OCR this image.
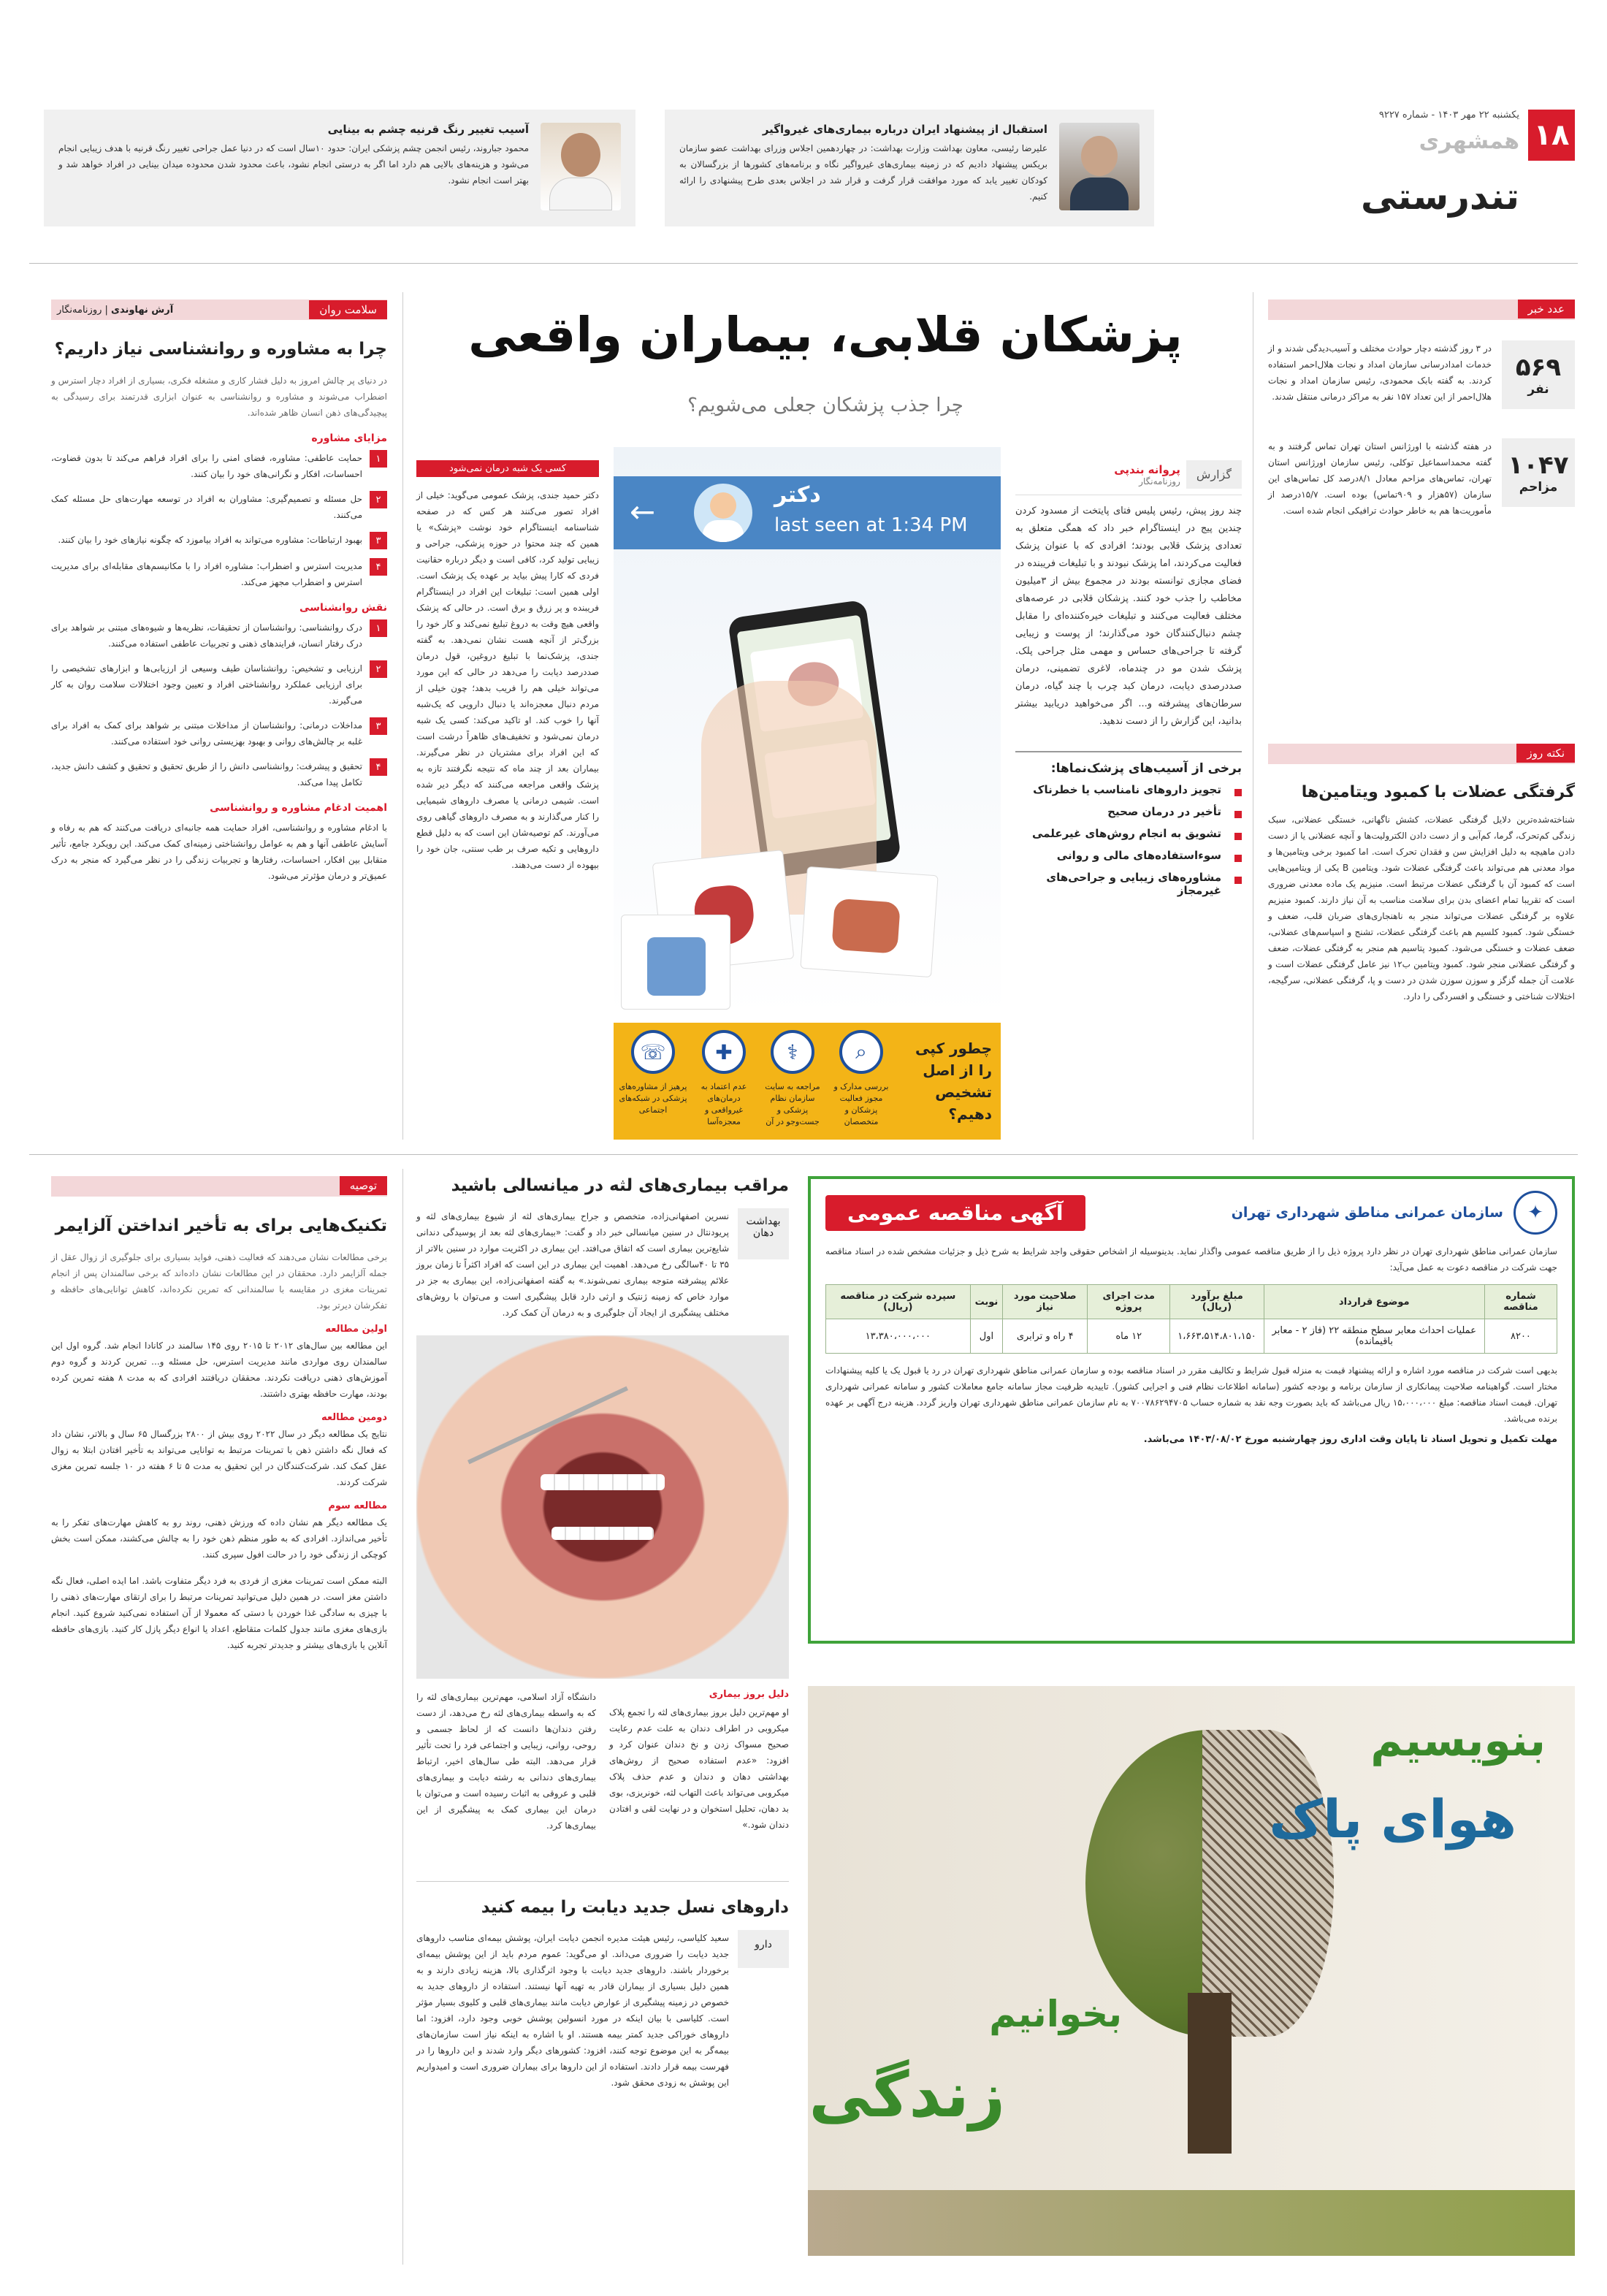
۱۸
یکشنبه ۲۲ مهر ۱۴۰۳ - شماره ۹۲۲۷
همشهری
تندرستی
استقبال از پیشنهاد ایران درباره بیماری‌های غیرواگیر
علیرضا رئیسی، معاون بهداشت وزارت بهداشت: در چهاردهمین اجلاس وزرای بهداشت عضو سازمان بریکس پیشنهاد دادیم که در زمینه بیماری‌های غیرواگیر نگاه و برنامه‌های کشورها از بزرگسالان به کودکان تغییر یابد که مورد موافقت قرار گرفت و قرار شد در اجلاس بعدی طرح پیشنهادی را ارائه کنیم.
آسیب تغییر رنگ قرنیه چشم به بینایی
محمود جباروند، رئیس انجمن چشم پزشکی ایران: حدود ۱۰سال است که در دنیا عمل جراحی تغییر رنگ قرنیه با هدف زیبایی انجام می‌شود و هزینه‌های بالایی هم دارد اما اگر به درستی انجام نشود، باعث محدود شدن محدوده میدان بینایی در افراد خواهد شد و بهتر است انجام نشود.
عدد خبر
۵۶۹
نفر
در ۳ روز گذشته دچار حوادث مختلف و آسیب‌دیدگی شدند و از خدمات امدادرسانی سازمان امداد و نجات هلال‌احمر استفاده کردند. به گفته بابک محمودی، رئیس سازمان امداد و نجات هلال‌احمر از این تعداد ۱۵۷ نفر به مراکز درمانی منتقل شدند.
۱۰۴۷
مزاحم
در هفته گذشته با اورژانس استان تهران تماس گرفتند و به گفته محمداسماعیل توکلی، رئیس سازمان اورژانس استان تهران، تماس‌های مزاحم معادل ۸/۱درصد کل تماس‌های این سازمان (۵۷هزار و ۹۰۹تماس) بوده است. ۱۵/۷درصد از مأموریت‌ها هم به خاطر حوادث ترافیکی انجام شده است.
نکته روز
گرفتگی عضلات با کمبود ویتامین‌ها
شناخته‌شده‌ترین دلایل گرفتگی عضلات، کشش ناگهانی، خستگی عضلانی، سبک زندگی کم‌تحرک، گرما، کم‌آبی و از دست دادن الکترولیت‌ها و آنچه عضلانی یا از دست دادن ماهیچه به دلیل افزایش سن و فقدان تحرک است. اما کمبود برخی ویتامین‌ها و مواد معدنی هم می‌تواند باعث گرفتگی عضلات شود. ویتامین B یکی از ویتامین‌هایی است که کمبود آن با گرفتگی عضلات مرتبط است. منیزیم یک ماده معدنی ضروری است که تقریبا تمام اعضای بدن برای سلامت مناسب به آن نیاز دارند. کمبود منیزیم علاوه بر گرفتگی عضلات می‌تواند منجر به ناهنجاری‌های ضربان قلب، ضعف و خستگی شود. کمبود کلسیم هم باعث گرفتگی عضلات، تشنج و اسپاسم‌های عضلانی، ضعف عضلات و خستگی می‌شود. کمبود پتاسیم هم منجر به گرفتگی عضلات، ضعف و گرفتگی عضلانی منجر شود. کمبود ویتامین ب۱۲ نیز عامل گرفتگی عضلات است و علامت آن جمله گزگز و سوزن سوزن شدن در دست و پا، گرفتگی عضلانی، سرگیجه، اختلالات شناختی و خستگی و افسردگی را دارد.
پزشکان قلابی، بیماران واقعی
چرا جذب پزشکان جعلی می‌شویم؟
گزارش
پروانه بندپی
روزنامه‌نگار
چند روز پیش، رئیس پلیس فتای پایتخت از مسدود کردن چندین پیج در اینستاگرام خبر داد که همگی متعلق به تعدادی پزشک قلابی بودند؛ افرادی که با عنوان پزشک فعالیت می‌کردند، اما پزشک نبودند و با تبلیغات فریبنده در فضای مجازی توانسته بودند در مجموع بیش از ۳میلیون مخاطب را جذب خود کنند. پزشکان قلابی در عرصه‌های مختلف فعالیت می‌کنند و تبلیغات خیره‌کننده‌ای را مقابل چشم دنبال‌کنندگان خود می‌گذارند؛ از پوست و زیبایی گرفته تا جراحی‌های حساس و مهمی مثل جراحی پلک. پزشک شدن مو در چندماه، لاغری تضمینی، درمان صددرصدی دیابت، درمان کبد چرب با چند گیاه، درمان سرطان‌های پیشرفته و... اگر می‌خواهید دریابید بیشتر بدانید، این گزارش را از دست ندهید.
برخی از آسیب‌های پزشک‌نماها:
تجویز داروهای نامناسب یا خطرناک
تأخیر در درمان صحیح
تشویق به انجام روش‌های غیرعلمی
سوءاستفاده‌های مالی و روانی
مشاوره‌های زیبایی و جراحی‌های غیرمجاز
←	دکتر
last seen at 1:34 PM
چطور کپی را از اصل تشخیص دهیم؟
⌕
بررسی مدارک و مجوز فعالیت پزشکان و متخصصان
⚕
مراجعه به سایت سازمان نظام پزشکی و جست‌وجو در آن
✚
عدم اعتماد به درمان‌های غیرواقعی و معجزه‌آسا
☏
پرهیز از مشاوره‌های پزشکی در شبکه‌های اجتماعی
کسی یک شبه درمان نمی‌شود
دکتر حمید جندی، پزشک عمومی می‌گوید: خیلی از افراد تصور می‌کنند هر کس که در صفحه شناسنامه اینستاگرام خود نوشت «پزشک» یا همین که چند محتوا در حوزه پزشکی، جراحی و زیبایی تولید کرد، کافی است و دیگر درباره حقانیت فردی که کارا پیش بیاید بر عهده یک پزشک است. اولی همین است: تبلیغات این افراد در اینستاگرام فریبنده و پر زرق و برق است. در حالی که پزشک واقعی هیچ وقت به دروغ تبلیغ نمی‌کند و کار خود را بزرگ‌تر از آنچه هست نشان نمی‌دهد. به گفته جندی، پزشک‌نما با تبلیغ دروغین، قول درمان صددرصد دیابت را می‌دهد در حالی که این مورد می‌تواند خیلی هم را فریب بدهد؛ چون خیلی از مردم دنبال معجزه‌اند یا دنبال دارویی که یک‌شبه آنها را خوب کند. او تاکید می‌کند: کسی یک شبه درمان نمی‌شود و تخفیف‌های ظاهراً درشت است که این افراد برای مشتریان در نظر می‌گیرند. بیماران بعد از چند ماه که نتیجه نگرفتند تازه به پزشک واقعی مراجعه می‌کنند که دیگر دیر شده است. شیمی درمانی یا مصرف داروهای شیمیایی را کنار می‌گذارند و به مصرف داروهای گیاهی روی می‌آورند. کم توصیه‌شان این است که به دلیل قطع داروهایی و تکیه صرف بر طب سنتی، جان خود را بیهوده از دست می‌دهند.
سلامت روان
آرش نهاوندی | روزنامه‌نگار
چرا به مشاوره و روانشناسی نیاز داریم؟
در دنیای پر چالش امروز به دلیل فشار کاری و مشغله فکری، بسیاری از افراد دچار استرس و اضطراب می‌شوند و مشاوره و روانشناسی به عنوان ابزاری قدرتمند برای رسیدگی به پیچیدگی‌های ذهن انسان ظاهر شده‌اند.
مزایای مشاوره
۱
حمایت عاطفی: مشاوره، فضای امنی را برای افراد فراهم می‌کند تا بدون قضاوت، احساسات، افکار و نگرانی‌های خود را بیان کنند.
۲
حل مسئله و تصمیم‌گیری: مشاوران به افراد در توسعه مهارت‌های حل مسئله کمک می‌کنند.
۳
بهبود ارتباطات: مشاوره می‌تواند به افراد بیاموزد که چگونه نیازهای خود را بیان کنند.
۴
مدیریت استرس و اضطراب: مشاوره افراد را با مکانیسم‌های مقابله‌ای برای مدیریت استرس و اضطراب مجهز می‌کند.
نقش روانشناسی
۱
درک روانشناسی: روانشناسان از تحقیقات، نظریه‌ها و شیوه‌های مبتنی بر شواهد برای درک رفتار انسان، فرایندهای ذهنی و تجربیات عاطفی استفاده می‌کنند.
۲
ارزیابی و تشخیص: روانشناسان طیف وسیعی از ارزیابی‌ها و ابزارهای تشخیصی را برای ارزیابی عملکرد روانشناختی افراد و تعیین وجود اختلالات سلامت روان به کار می‌گیرند.
۳
مداخلات درمانی: روانشناسان از مداخلات مبتنی بر شواهد برای کمک به افراد برای غلبه بر چالش‌های روانی و بهبود بهزیستی روانی خود استفاده می‌کنند.
۴
تحقیق و پیشرفت: روانشناسی دانش را از طریق تحقیق و تحقیق و کشف دانش جدید، تکامل پیدا می‌کند.
اهمیت ادغام مشاوره و روانشناسی
با ادغام مشاوره و روانشناسی، افراد حمایت همه جانبه‌ای دریافت می‌کنند که هم به رفاه و آسایش عاطفی آنها و هم به عوامل روانشناختی زمینه‌ای کمک می‌کند. این رویکرد جامع، تأثیر متقابل بین افکار، احساسات، رفتارها و تجربیات زندگی را در نظر می‌گیرد که منجر به درک عمیق‌تر و درمان مؤثرتر می‌شود.
✦
سازمان عمرانی مناطق شهرداری تهران
آگهی مناقصه عمومی
سازمان عمرانی مناطق شهرداری تهران در نظر دارد پروژه ذیل را از طریق مناقصه عمومی واگذار نماید. بدینوسیله از اشخاص حقوقی واجد شرایط به شرح ذیل و جزئیات مشخص شده در اسناد مناقصه جهت شرکت در مناقصه دعوت به عمل می‌آید:
شماره مناقصه	موضوع قرارداد	مبلغ برآورد (ریال)	مدت اجرای پروژه	صلاحیت مورد نیاز	نوبت	سپرده شرکت در مناقصه (ریال)
۸۲۰۰	عملیات احداث معابر سطح منطقه ۲۲ (فاز ۲ - معابر باقیمانده)	۱،۶۶۳،۵۱۴،۸۰۱،۱۵۰	۱۲ ماه	۴ راه و ترابری	اول	۱۳،۳۸۰،۰۰۰،۰۰۰
بدیهی است شرکت در مناقصه مورد اشاره و ارائه پیشنهاد قیمت به منزله قبول شرایط و تکالیف مقرر در اسناد مناقصه بوده و سازمان عمرانی مناطق شهرداری تهران در رد یا قبول یک یا کلیه پیشنهادات مختار است. گواهینامه صلاحیت پیمانکاری از سازمان برنامه و بودجه کشور (سامانه اطلاعات نظام فنی و اجرایی کشور). تاییدیه ظرفیت مجاز سامانه جامع معاملات کشور و سامانه عمرانی شهرداری تهران. قیمت اسناد مناقصه: مبلغ ۱۵،۰۰۰،۰۰۰ ریال می‌باشد که باید بصورت وجه نقد به شماره حساب ۷۰۰۷۸۶۲۹۴۷۰۵ به نام سازمان عمرانی مناطق شهرداری تهران واریز گردد. هزینه درج آگهی بر عهده برنده می‌باشد.
مهلت تکمیل و تحویل اسناد تا پایان وقت اداری روز چهارشنبه مورخ ۱۴۰۳/۰۸/۰۲ می‌باشد.
بنویسیم
هوای پاک
بخوانیم
زندگی
مراقب بیماری‌های لثه در میانسالی باشید
بهداشت دهان
نسرین اصفهانی‌زاده، متخصص و جراح بیماری‌های لثه از شیوع بیماری‌های لثه و پریودنتال در سنین میانسالی خبر داد و گفت: «بیماری‌های لثه بعد از پوسیدگی دندانی شایع‌ترین بیماری است که اتفاق می‌افتد. این بیماری در اکثریت موارد در سنین بالاتر از ۳۵ تا ۴۰سالگی رخ می‌دهد. اهمیت این بیماری در این است که افراد اکثراً تا زمان بروز علائم پیشرفته متوجه بیماری نمی‌شوند.» به گفته اصفهانی‌زاده، این بیماری به جز در موارد خاص که زمینه ژنتیک و ارثی دارد قابل پیشگیری است و می‌توان با روش‌های مختلف پیشگیری از ایجاد آن جلوگیری و به درمان آن کمک کرد.
دلیل بروز بیماری
او مهم‌ترین دلیل بروز بیماری‌های لثه را تجمع پلاک میکروبی در اطراف دندان به علت عدم رعایت صحیح مسواک زدن و نخ دندان عنوان کرد و افزود: «عدم استفاده صحیح از روش‌های بهداشتی دهان و دندان و عدم حذف پلاک میکروبی می‌تواند باعث التهاب لثه، خونریزی، بوی بد دهان، تحلیل استخوان و در نهایت لقی و افتادن دندان شود.»
دانشگاه آزاد اسلامی، مهم‌ترین بیماری‌های لثه را که به واسطه بیماری‌های لثه رخ می‌دهد، از دست رفتن دندان‌ها دانست که از لحاظ جسمی و روحی، روانی، زیبایی و اجتماعی فرد را تحت تأثیر قرار می‌دهد. البته طی سال‌های اخیر، ارتباط بیماری‌های دندانی به رشته دیابت و بیماری‌های قلبی و عروقی به اثبات رسیده است و می‌توان با درمان این بیماری کمک به پیشگیری از این بیماری‌ها کرد.
داروهای نسل جدید دیابت را بیمه کنید
دارو
سعید کلیاسی، رئیس هیئت مدیره انجمن دیابت ایران، پوشش بیمه‌ای مناسب داروهای جدید دیابت را ضروری می‌داند. او می‌گوید: عموم مردم باید از این پوشش بیمه‌ای برخوردار باشند. داروهای جدید دیابت با وجود اثرگذاری بالا، هزینه زیادی دارند و به همین دلیل بسیاری از بیماران قادر به تهیه آنها نیستند. استفاده از داروهای جدید به خصوص در زمینه پیشگیری از عوارض دیابت مانند بیماری‌های قلبی و کلیوی بسیار مؤثر است. کلیاسی با بیان اینکه در مورد انسولین پوشش خوبی وجود دارد، افزود: اما داروهای خوراکی جدید کمتر بیمه هستند. او با اشاره به اینکه نیاز است سازمان‌های بیمه‌گر به این موضوع توجه کنند، افزود: کشورهای دیگر وارد شدند و این داروها را در فهرست بیمه قرار دادند. استفاده از این داروها برای بیماران ضروری است و امیدواریم این پوشش به زودی محقق شود.
توصیه
تکنیک‌هایی برای به تأخیر انداختن آلزایمر
برخی مطالعات نشان می‌دهند که فعالیت ذهنی، فواید بسیاری برای جلوگیری از زوال عقل از جمله آلزایمر دارد. محققان در این مطالعات نشان داده‌اند که برخی سالمندان پس از انجام تمرینات مغزی در مقایسه با سالمندانی که تمرین نکرده‌اند، کاهش توانایی‌های حافظه و تفکرشان دیرتر بود.
اولین مطالعه
این مطالعه بین سال‌های ۲۰۱۲ تا ۲۰۱۵ روی ۱۴۵ سالمند در کانادا انجام شد. گروه اول این سالمندان روی مواردی مانند مدیریت استرس، حل مسئله و... تمرین کردند و گروه دوم آموزش‌های ذهنی دریافت نکردند. محققان دریافتند افرادی که به مدت ۸ هفته تمرین کرده بودند، مهارت حافظه بهتری داشتند.
دومین مطالعه
نتایج یک مطالعه دیگر در سال ۲۰۲۲ روی بیش از ۲۸۰۰ بزرگسال ۶۵ سال و بالاتر، نشان داد که فعال نگه داشتن ذهن با تمرینات مرتبط به توانایی می‌تواند به تأخیر افتادن ابتلا به زوال عقل کمک کند. شرکت‌کنندگان در این تحقیق به مدت ۵ تا ۶ هفته در ۱۰ جلسه تمرین مغزی شرکت کردند.
مطالعه سوم
یک مطالعه دیگر هم نشان داده که ورزش ذهنی، روند رو به کاهش مهارت‌های تفکر را به تأخیر می‌اندازد. افرادی که به طور منظم ذهن خود را به چالش می‌کشند، ممکن است بخش کوچکی از زندگی خود را در حالت افول سپری کنند.
البته ممکن است تمرینات مغزی از فردی به فرد دیگر متفاوت باشد. اما ایده اصلی، فعال نگه داشتن مغز است. در همین دلیل می‌توانید تمرینات مرتبط را برای ارتقای مهارت‌های ذهنی را با چیزی به سادگی غذا خوردن با دستی که معمولا از آن استفاده نمی‌کنید شروع کنید. انجام بازی‌های مغزی مانند جدول کلمات متقاطع، اعداد یا انواع دیگر پازل کار کنید. بازی‌های حافظه آنلاین یا بازی‌های بیشتر و جدیدتر تجربه کنید.
